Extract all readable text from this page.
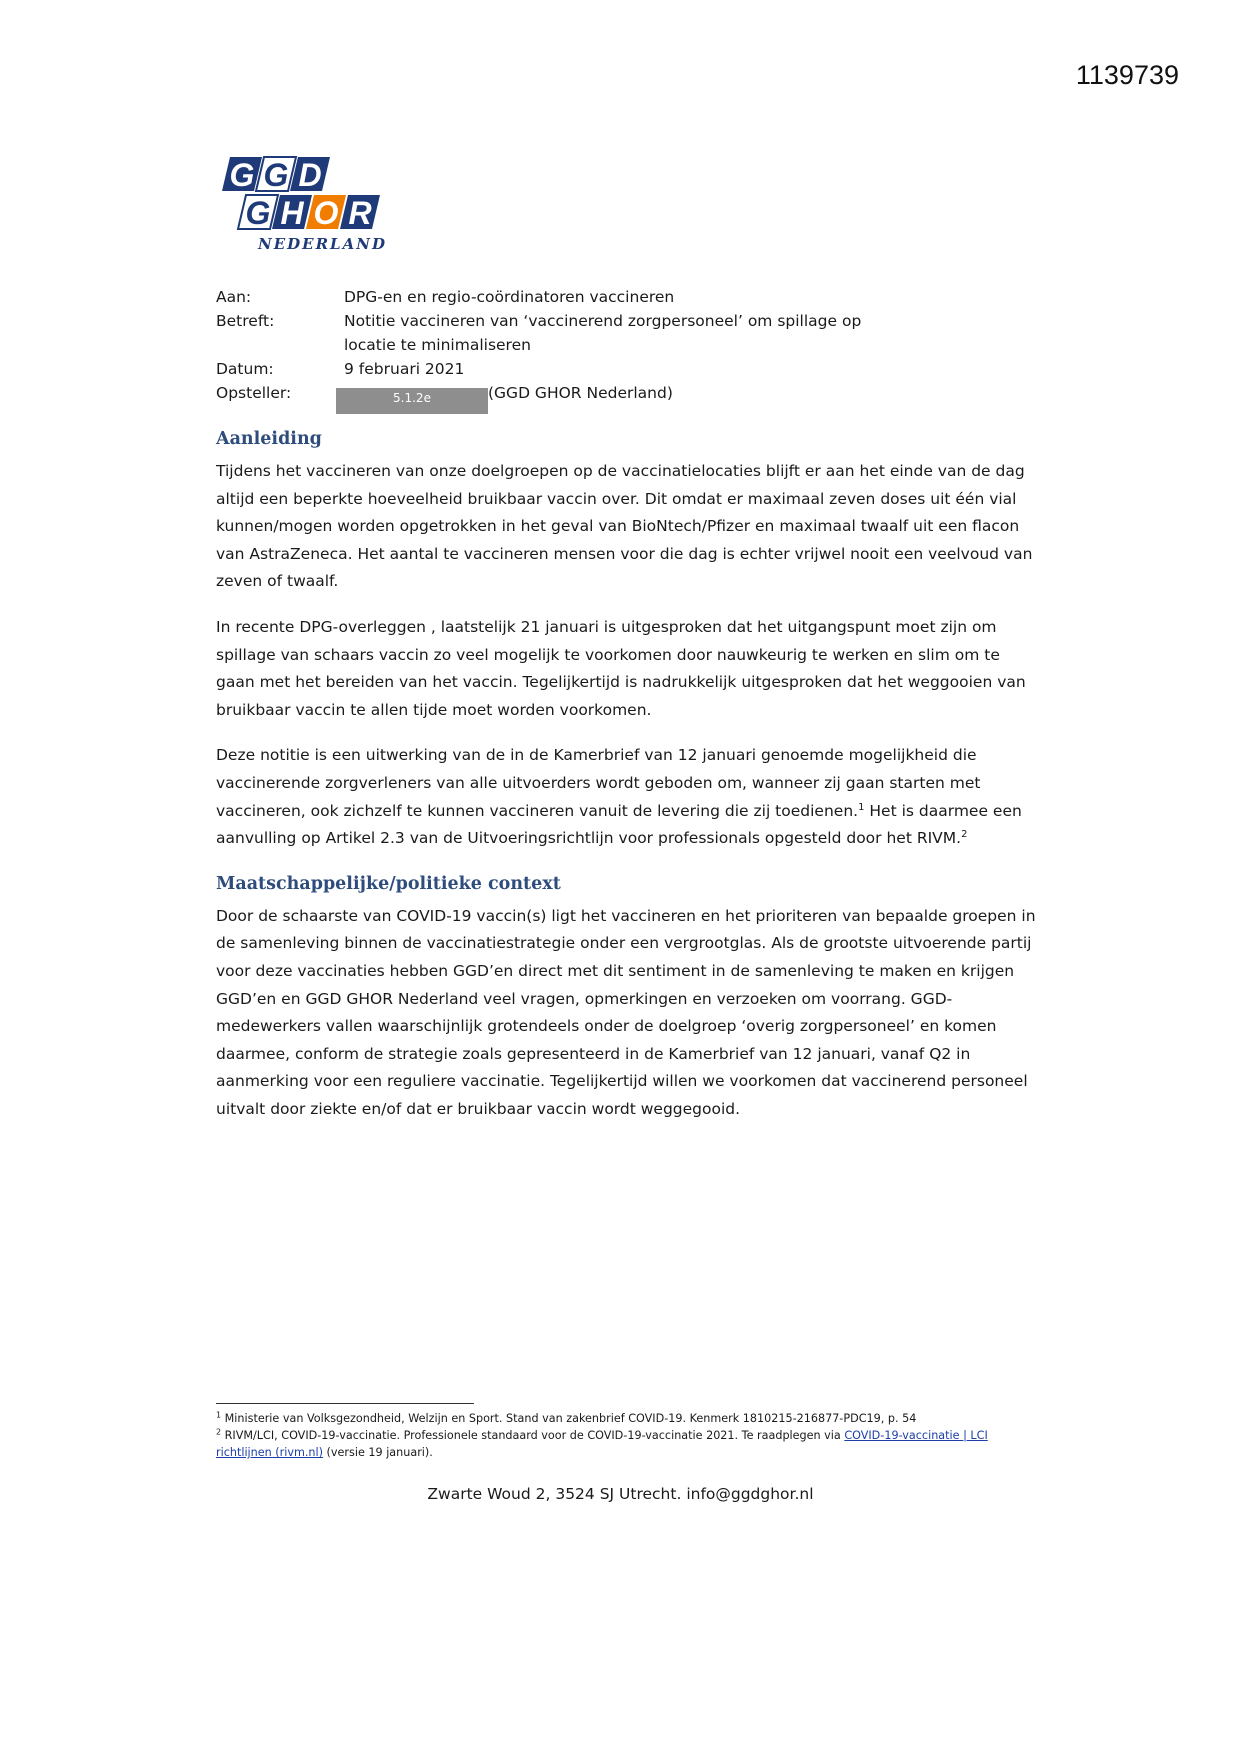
1139739
G G D
G H O R
NEDERLAND
Aan:	DPG-en en regio-coördinatoren vaccineren
Betreft:	Notitie vaccineren van ‘vaccinerend zorgpersoneel’ om spillage op locatie te minimaliseren
Datum:	9 februari 2021
Opsteller:	5.1.2e	(GGD GHOR Nederland)
Aanleiding

Tijdens het vaccineren van onze doelgroepen op de vaccinatielocaties blijft er aan het einde van de dag altijd een beperkte hoeveelheid bruikbaar vaccin over. Dit omdat er maximaal zeven doses uit één vial kunnen/mogen worden opgetrokken in het geval van BioNtech/Pfizer en maximaal twaalf uit een flacon van AstraZeneca. Het aantal te vaccineren mensen voor die dag is echter vrijwel nooit een veelvoud van zeven of twaalf.

In recente DPG-overleggen , laatstelijk 21 januari is uitgesproken dat het uitgangspunt moet zijn om spillage van schaars vaccin zo veel mogelijk te voorkomen door nauwkeurig te werken en slim om te gaan met het bereiden van het vaccin. Tegelijkertijd is nadrukkelijk uitgesproken dat het weggooien van bruikbaar vaccin te allen tijde moet worden voorkomen.

Deze notitie is een uitwerking van de in de Kamerbrief van 12 januari genoemde mogelijkheid die vaccinerende zorgverleners van alle uitvoerders wordt geboden om, wanneer zij gaan starten met vaccineren, ook zichzelf te kunnen vaccineren vanuit de levering die zij toedienen.$^1$ Het is daarmee een aanvulling op Artikel 2.3 van de Uitvoeringsrichtlijn voor professionals opgesteld door het RIVM.$^2$

Maatschappelijke/politieke context

Door de schaarste van COVID-19 vaccin(s) ligt het vaccineren en het prioriteren van bepaalde groepen in de samenleving binnen de vaccinatiestrategie onder een vergrootglas. Als de grootste uitvoerende partij voor deze vaccinaties hebben GGD’en direct met dit sentiment in de samenleving te maken en krijgen GGD’en en GGD GHOR Nederland veel vragen, opmerkingen en verzoeken om voorrang. GGD-medewerkers vallen waarschijnlijk grotendeels onder de doelgroep ‘overig zorgpersoneel’ en komen daarmee, conform de strategie zoals gepresenteerd in de Kamerbrief van 12 januari, vanaf Q2 in aanmerking voor een reguliere vaccinatie. Tegelijkertijd willen we voorkomen dat vaccinerend personeel uitvalt door ziekte en/of dat er bruikbaar vaccin wordt weggegooid.

$^1$ Ministerie van Volksgezondheid, Welzijn en Sport. Stand van zakenbrief COVID-19. Kenmerk 1810215-216877-PDC19, p. 54
$^2$ RIVM/LCI, COVID-19-vaccinatie. Professionele standaard voor de COVID-19-vaccinatie 2021. Te raadplegen via COVID-19-vaccinatie | LCI richtlijnen (rivm.nl) (versie 19 januari).
Zwarte Woud 2, 3524 SJ Utrecht. info@ggdghor.nl
